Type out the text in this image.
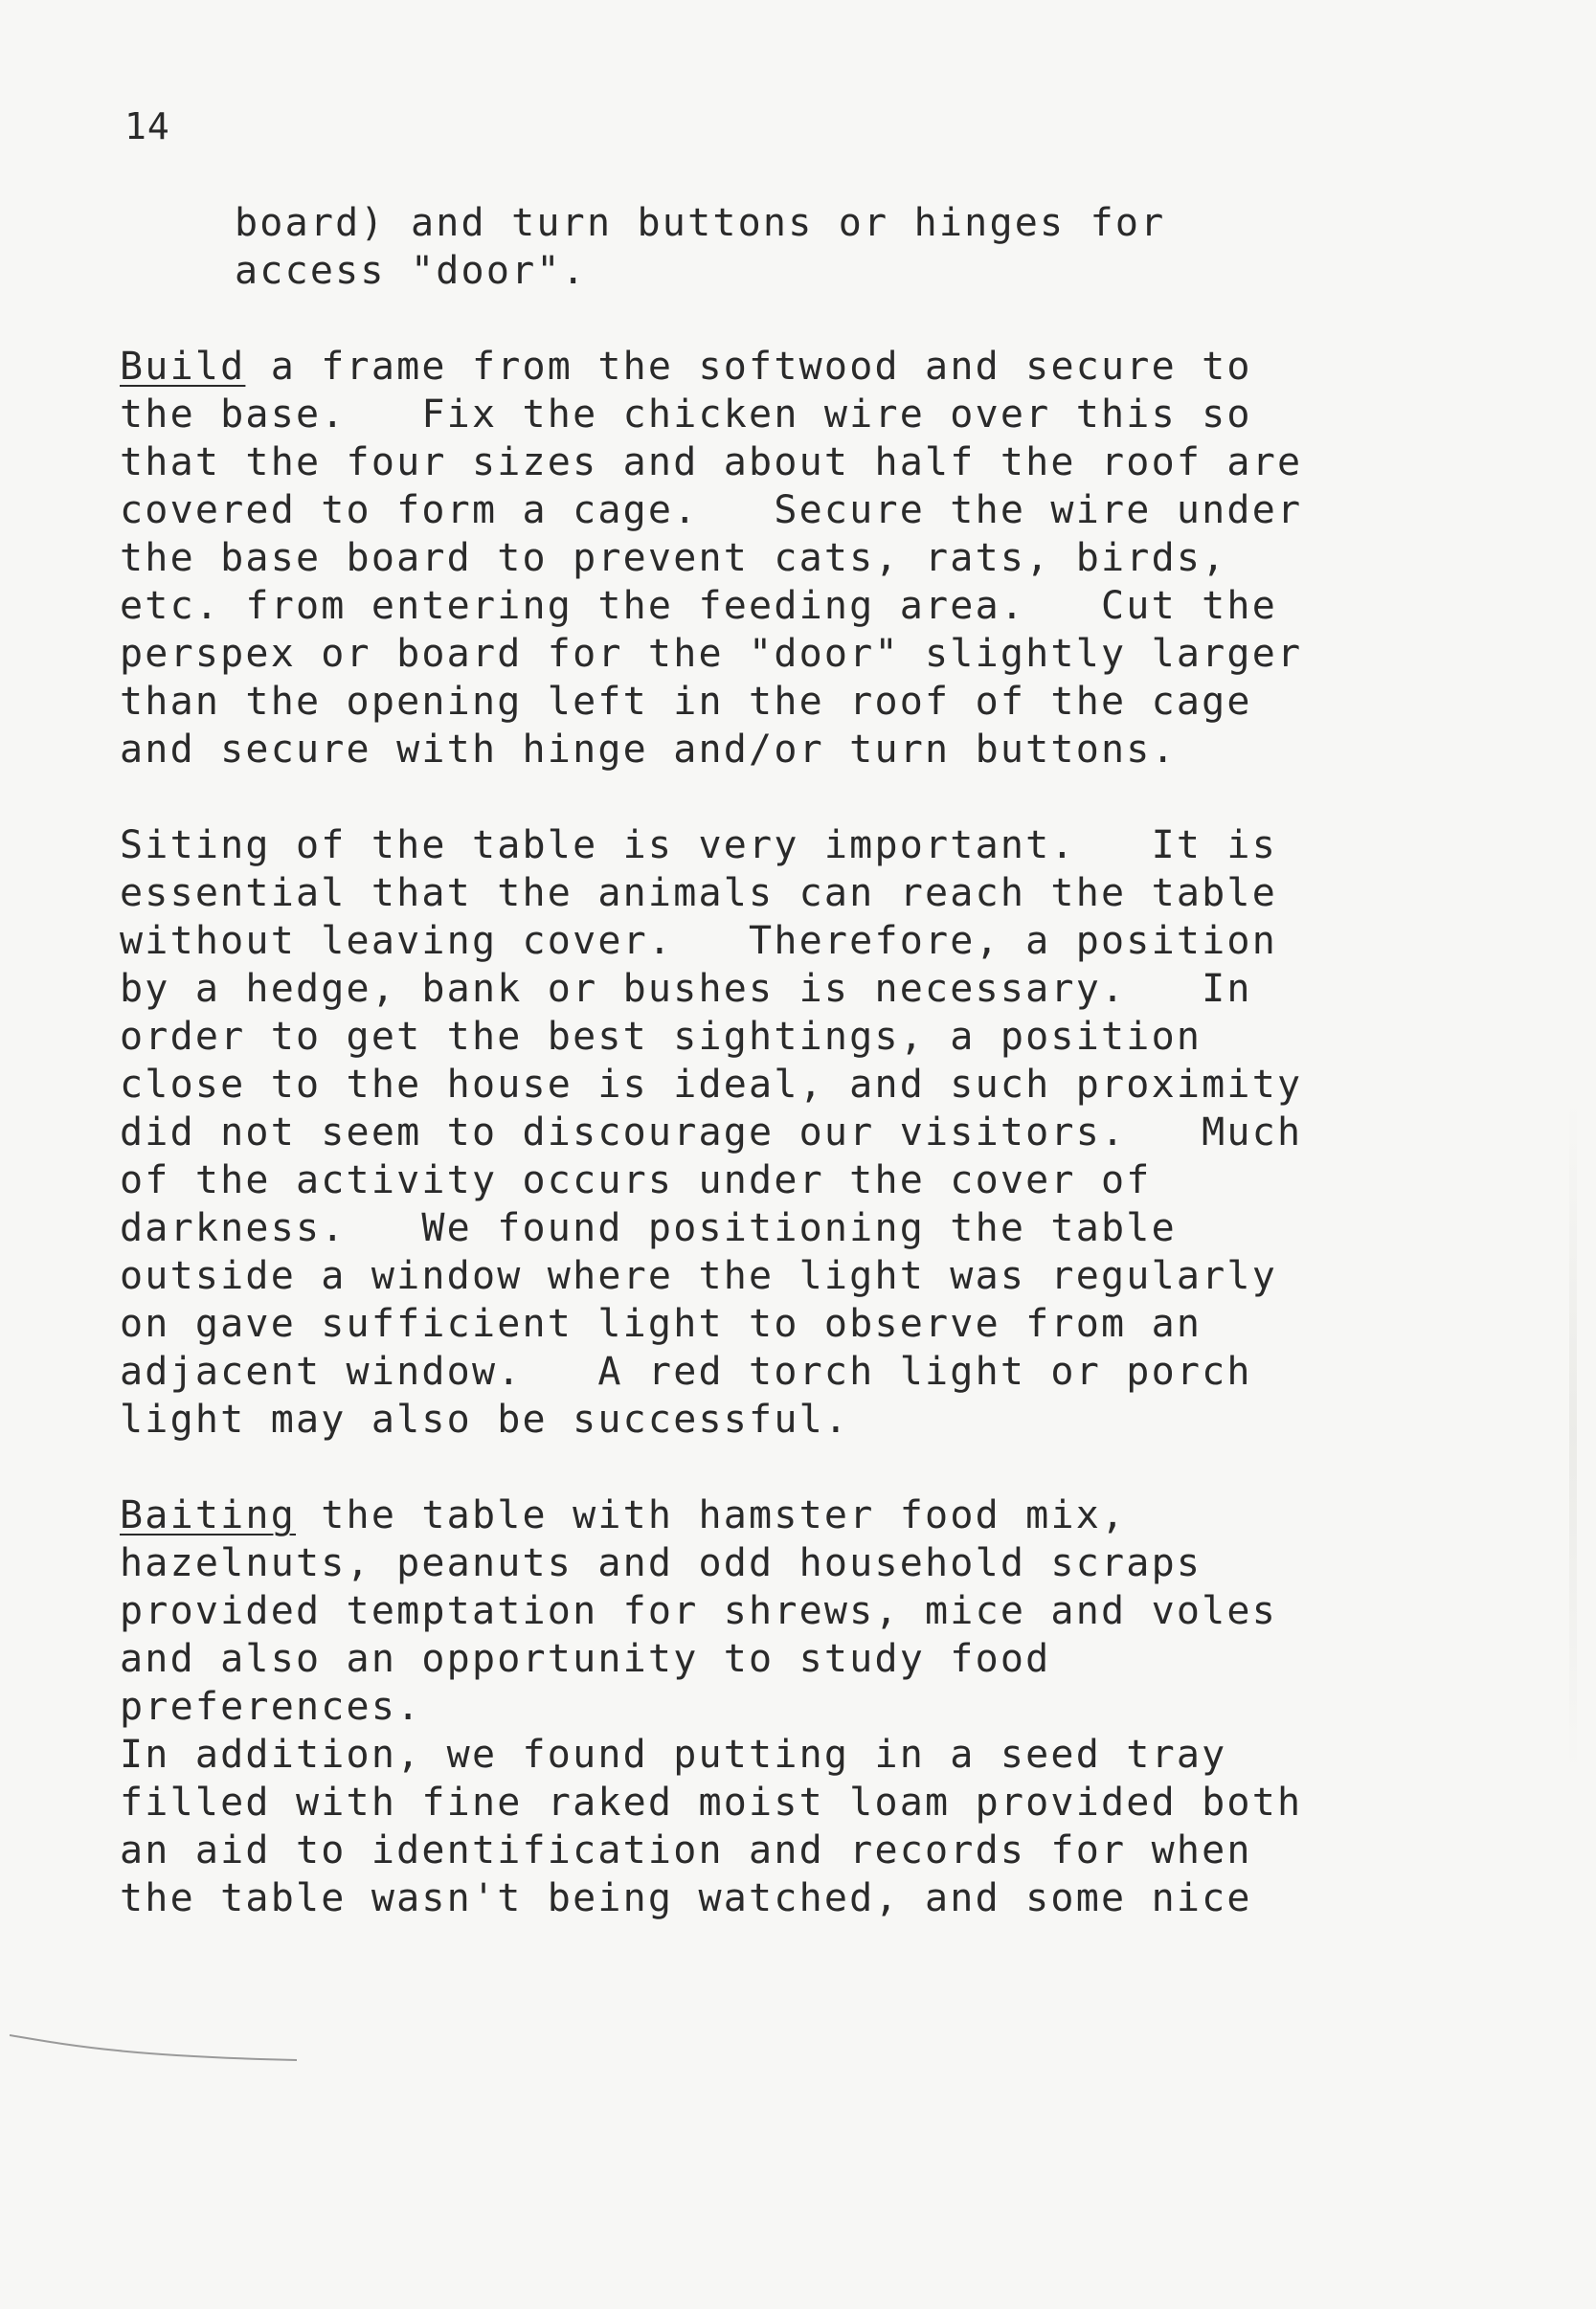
14

board) and turn buttons or hinges for
access "door".

Build a frame from the softwood and secure to
the base.   Fix the chicken wire over this so
that the four sizes and about half the roof are
covered to form a cage.   Secure the wire under
the base board to prevent cats, rats, birds,
etc. from entering the feeding area.   Cut the
perspex or board for the "door" slightly larger
than the opening left in the roof of the cage
and secure with hinge and/or turn buttons.

Siting of the table is very important.   It is
essential that the animals can reach the table
without leaving cover.   Therefore, a position
by a hedge, bank or bushes is necessary.   In
order to get the best sightings, a position
close to the house is ideal, and such proximity
did not seem to discourage our visitors.   Much
of the activity occurs under the cover of
darkness.   We found positioning the table
outside a window where the light was regularly
on gave sufficient light to observe from an
adjacent window.   A red torch light or porch
light may also be successful.

Baiting the table with hamster food mix,
hazelnuts, peanuts and odd household scraps
provided temptation for shrews, mice and voles
and also an opportunity to study food
preferences.

In addition, we found putting in a seed tray
filled with fine raked moist loam provided both
an aid to identification and records for when
the table wasn't being watched, and some nice
